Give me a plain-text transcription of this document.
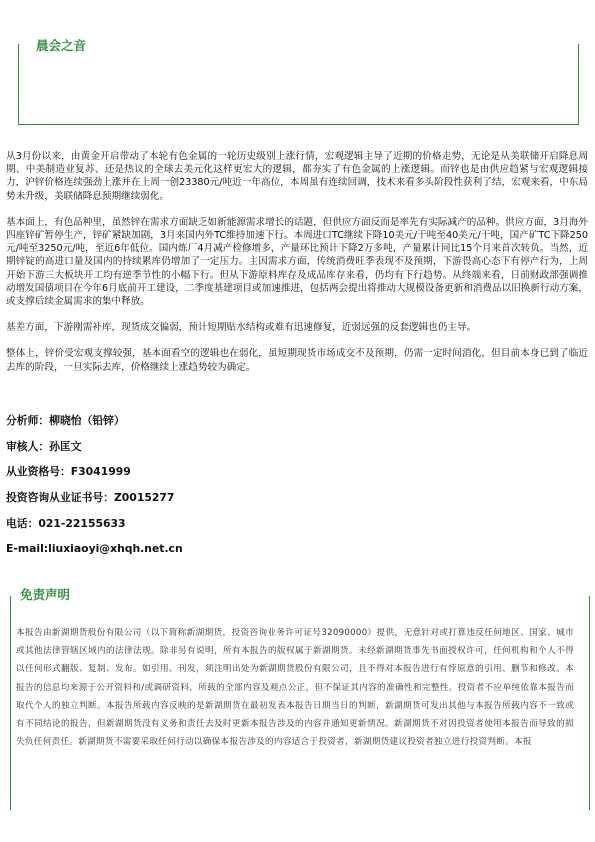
晨会之音

从3月份以来，由黄金开启带动了本轮有色金属的一轮历史级别上涨行情，宏观逻辑主导了近期的价格走势，无论是从美联储开启降息周期、中美制造业复苏、还是热议的全球去美元化这样更宏大的逻辑，都夯实了有色金属的上涨逻辑。而锌也是由供应趋紧与宏观逻辑接力，沪锌价格连续强劲上涨并在上周一创23380元/吨近一年高位，本周虽有连续回调，技术来看多头阶段性获利了结，宏观来看，中东局势未升级，美联储降息预期继续弱化。

基本面上，有色品种里，虽然锌在需求方面缺乏如新能源需求增长的话题，但供应方面反而是率先有实际减产的品种。供应方面，3月海外四座锌矿暂停生产，锌矿紧缺加剧，3月来国内外TC维持加速下行。本周进口TC继续下降10美元/干吨至40美元/干吨，国产矿TC下降250元/吨至3250元/吨，至近6年低位。国内炼厂4月减产检修增多，产量环比预计下降2万多吨，产量累计同比15个月来首次转负。当然，近期锌锭的高进口量及国内的持续累库仍增加了一定压力。主因需求方面，传统消费旺季表现不及预期，下游畏高心态下有停产行为，上周开始下游三大板块开工均有逆季节性的小幅下行。但从下游原料库存及成品库存来看，仍均有下行趋势。从终端来看，日前财政部强调推动增发国债项目在今年6月底前开工建设，二季度基建项目或加速推进，包括两会提出将推动大规模设备更新和消费品以旧换新行动方案，或支撑后续金属需求的集中释放。

基差方面，下游刚需补库，现货成交偏弱，预计短期贴水结构或难有迅速修复，近弱远强的反套逻辑也仍主导。

整体上，锌价受宏观支撑较强，基本面看空的逻辑也在弱化，虽短期现货市场成交不及预期，仍需一定时间消化，但目前本身已到了临近去库的阶段，一旦实际去库，价格继续上涨趋势较为确定。

分析师：柳晓怡（铅锌）
审核人：孙匡文
从业资格号：F3041999
投资咨询从业证书号：Z0015277
电话：021-22155633
E-mail:liuxiaoyi@xhqh.net.cn
免责声明
本报告由新湖期货股份有限公司（以下简称新湖期货，投资咨询业务许可证号32090000）提供，无意针对或打算违反任何地区、国家、城市或其他法律管辖区域内的法律法规。除非另有说明，所有本报告的版权属于新湖期货。未经新湖期货事先书面授权许可，任何机构和个人不得以任何形式翻版、复制、发布。如引用、刊发，须注明出处为新湖期货股份有限公司，且不得对本报告进行有悖原意的引用、删节和修改。本报告的信息均来源于公开资料和/或调研资料，所载的全部内容及观点公正，但不保证其内容的准确性和完整性。投资者不应单纯依靠本报告而取代个人的独立判断。本报告所载内容反映的是新湖期货在最初发表本报告日期当日的判断，新湖期货可发出其他与本报告所载内容不一致或有不同结论的报告，但新湖期货没有义务和责任去及时更新本报告涉及的内容并通知更新情况。新湖期货不对因投资者使用本报告而导致的损失负任何责任。新湖期货不需要采取任何行动以确保本报告涉及的内容适合于投资者，新湖期货建议投资者独立进行投资判断。本报
